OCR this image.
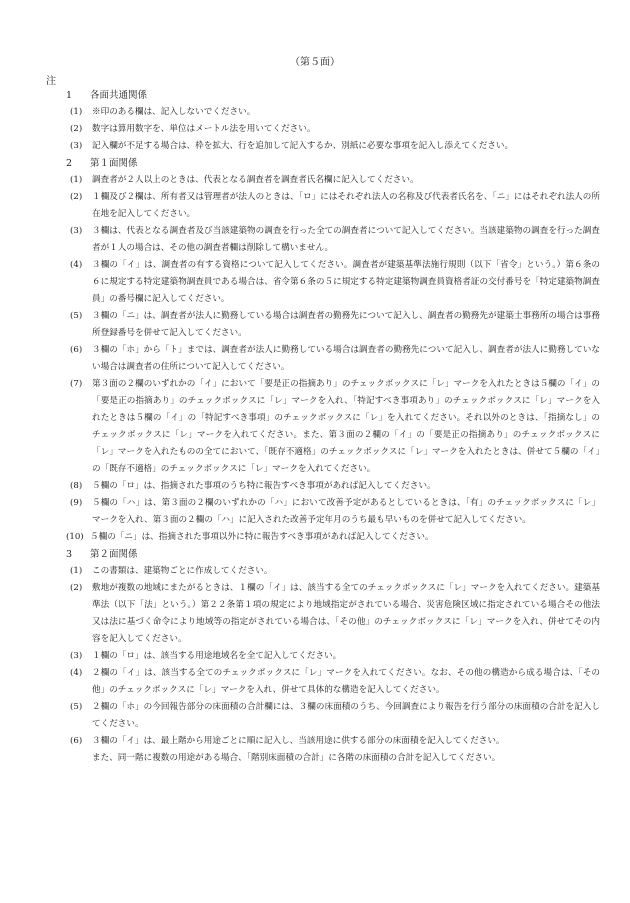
（第５面）
注
1	各面共通関係
(1)	※印のある欄は、記入しないでください。
(2)	数字は算用数字を、単位はメートル法を用いてください。
(3)	記入欄が不足する場合は、枠を拡大、行を追加して記入するか、別紙に必要な事項を記入し添えてください。
2	第１面関係
(1)	調査者が２人以上のときは、代表となる調査者を調査者氏名欄に記入してください。
(2)	１欄及び２欄は、所有者又は管理者が法人のときは、「ロ」にはそれぞれ法人の名称及び代表者氏名を、「ニ」にはそれぞれ法人の所在地を記入してください。
(3)	３欄は、代表となる調査者及び当該建築物の調査を行った全ての調査者について記入してください。当該建築物の調査を行った調査者が１人の場合は、その他の調査者欄は削除して構いません。
(4)	３欄の「イ」は、調査者の有する資格について記入してください。調査者が建築基準法施行規則（以下「省令」という。）第６条の６に規定する特定建築物調査員である場合は、省令第６条の５に規定する特定建築物調査員資格者証の交付番号を「特定建築物調査員」の番号欄に記入してください。
(5)	３欄の「ニ」は、調査者が法人に勤務している場合は調査者の勤務先について記入し、調査者の勤務先が建築士事務所の場合は事務所登録番号を併せて記入してください。
(6)	３欄の「ホ」から「ト」までは、調査者が法人に勤務している場合は調査者の勤務先について記入し、調査者が法人に勤務していない場合は調査者の住所について記入してください。
(7)	第３面の２欄のいずれかの「イ」において「要是正の指摘あり」のチェックボックスに「レ」マークを入れたときは５欄の「イ」の「要是正の指摘あり」のチェックボックスに「レ」マークを入れ、「特記すべき事項あり」のチェックボックスに「レ」マークを入れたときは５欄の「イ」の「特記すべき事項」のチェックボックスに「レ」を入れてください。それ以外のときは、「指摘なし」のチェックボックスに「レ」マークを入れてください。また、第３面の２欄の「イ」の「要是正の指摘あり」のチェックボックスに「レ」マークを入れたものの全てにおいて、「既存不適格」のチェックボックスに「レ」マークを入れたときは、併せて５欄の「イ」の「既存不適格」のチェックボックスに「レ」マークを入れてください。
(8)	５欄の「ロ」は、指摘された事項のうち特に報告すべき事項があれば記入してください。
(9)	５欄の「ハ」は、第３面の２欄のいずれかの「ハ」において改善予定があるとしているときは、「有」のチェックボックスに「レ」マークを入れ、第３面の２欄の「ハ」に記入された改善予定年月のうち最も早いものを併せて記入してください。
(10) ５欄の「ニ」は、指摘された事項以外に特に報告すべき事項があれば記入してください。
3	第２面関係
(1)	この書類は、建築物ごとに作成してください。
(2)	敷地が複数の地域にまたがるときは、１欄の「イ」は、該当する全てのチェックボックスに「レ」マークを入れてください。建築基準法（以下「法」という。）第２２条第１項の規定により地域指定がされている場合、災害危険区域に指定されている場合その他法又は法に基づく命令により地域等の指定がされている場合は、「その他」のチェックボックスに「レ」マークを入れ、併せてその内容を記入してください。
(3)	１欄の「ロ」は、該当する用途地域名を全て記入してください。
(4)	２欄の「イ」は、該当する全てのチェックボックスに「レ」マークを入れてください。なお、その他の構造から成る場合は、「その他」のチェックボックスに「レ」マークを入れ、併せて具体的な構造を記入してください。
(5)	２欄の「ホ」の今回報告部分の床面積の合計欄には、３欄の床面積のうち、今回調査により報告を行う部分の床面積の合計を記入してください。
(6)	３欄の「イ」は、最上階から用途ごとに順に記入し、当該用途に供する部分の床面積を記入してください。
また、同一階に複数の用途がある場合、「階別床面積の合計」に各階の床面積の合計を記入してください。
